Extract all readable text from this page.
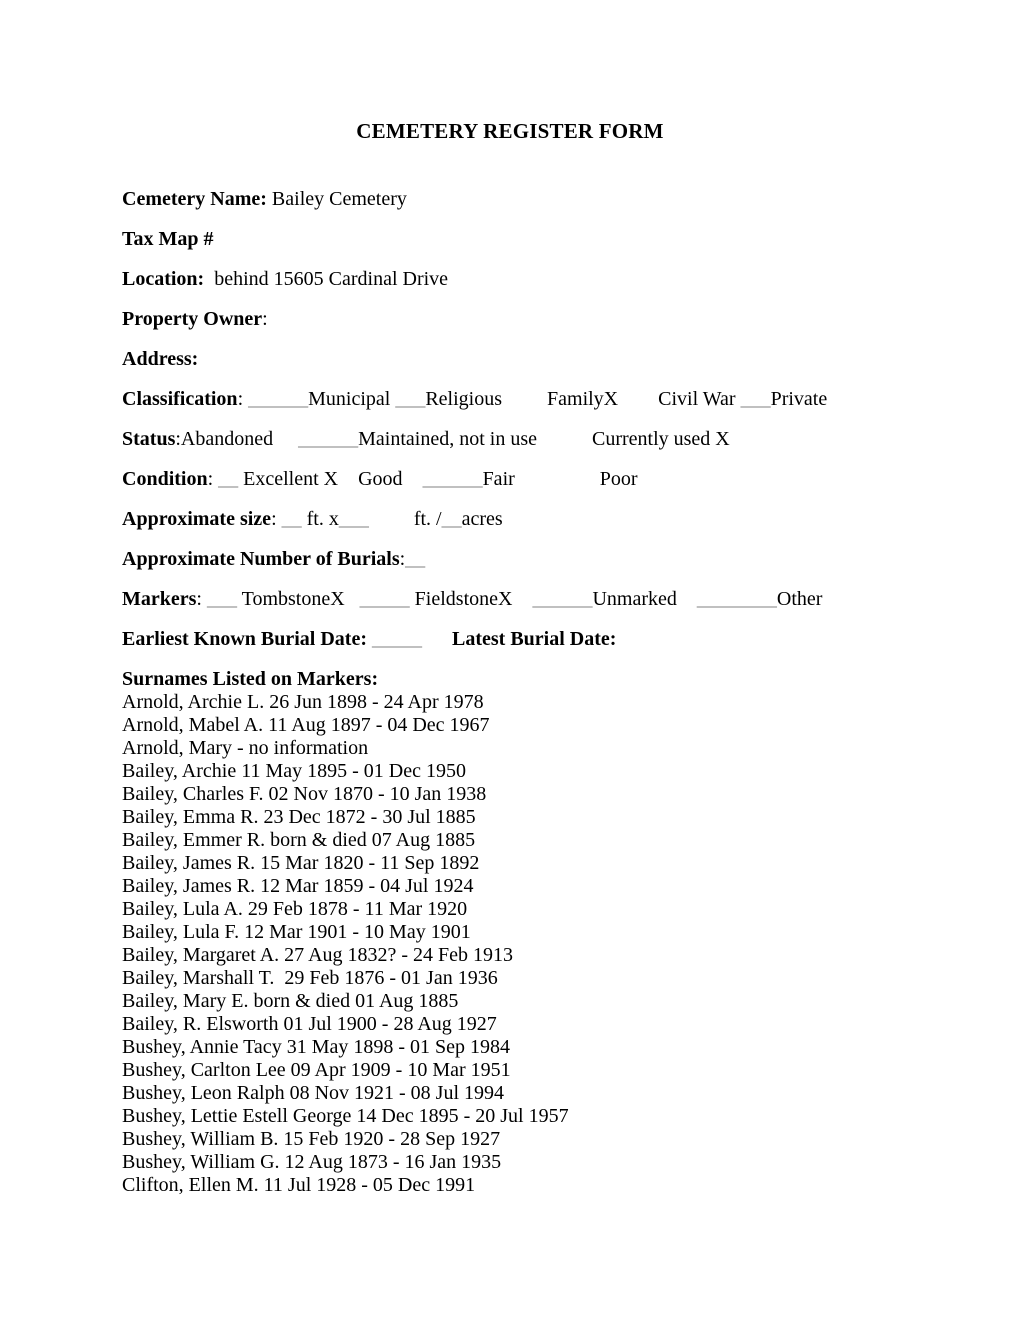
CEMETERY REGISTER FORM
Cemetery Name: Bailey Cemetery
Tax Map #
Location:  behind 15605 Cardinal Drive
Property Owner:
Address:
Classification: ______Municipal ___Religious         FamilyX        Civil War ___Private
Status:Abandoned     ______Maintained, not in use           Currently used X
Condition: __ Excellent X    Good    ______Fair                 Poor
Approximate size: __ ft. x___         ft. /__acres
Approximate Number of Burials:__
Markers: ___ TombstoneX   _____ FieldstoneX    ______Unmarked    ________Other
Earliest Known Burial Date: _____ Latest Burial Date:
Surnames Listed on Markers:
Arnold, Archie L. 26 Jun 1898 - 24 Apr 1978
Arnold, Mabel A. 11 Aug 1897 - 04 Dec 1967
Arnold, Mary - no information
Bailey, Archie 11 May 1895 - 01 Dec 1950
Bailey, Charles F. 02 Nov 1870 - 10 Jan 1938
Bailey, Emma R. 23 Dec 1872 - 30 Jul 1885
Bailey, Emmer R. born & died 07 Aug 1885
Bailey, James R. 15 Mar 1820 - 11 Sep 1892
Bailey, James R. 12 Mar 1859 - 04 Jul 1924
Bailey, Lula A. 29 Feb 1878 - 11 Mar 1920
Bailey, Lula F. 12 Mar 1901 - 10 May 1901
Bailey, Margaret A. 27 Aug 1832? - 24 Feb 1913
Bailey, Marshall T.  29 Feb 1876 - 01 Jan 1936
Bailey, Mary E. born & died 01 Aug 1885
Bailey, R. Elsworth 01 Jul 1900 - 28 Aug 1927
Bushey, Annie Tacy 31 May 1898 - 01 Sep 1984
Bushey, Carlton Lee 09 Apr 1909 - 10 Mar 1951
Bushey, Leon Ralph 08 Nov 1921 - 08 Jul 1994
Bushey, Lettie Estell George 14 Dec 1895 - 20 Jul 1957
Bushey, William B. 15 Feb 1920 - 28 Sep 1927
Bushey, William G. 12 Aug 1873 - 16 Jan 1935
Clifton, Ellen M. 11 Jul 1928 - 05 Dec 1991
